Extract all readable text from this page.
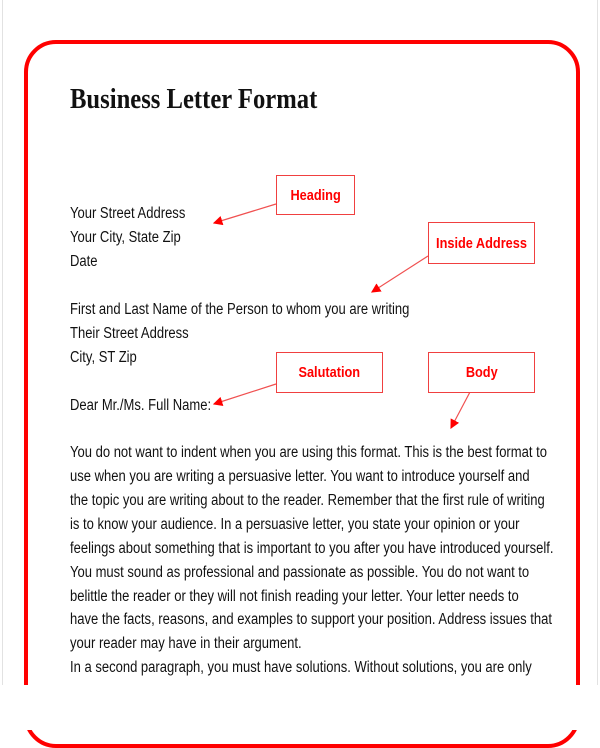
Business Letter Format
Your Street Address
Your City, State Zip
Date
First and Last Name of the Person to whom you are writing
Their Street Address
City, ST Zip
Dear Mr./Ms. Full Name:
You do not want to indent when you are using this format. This is the best format to
use when you are writing a persuasive letter. You want to introduce yourself and
the topic you are writing about to the reader. Remember that the first rule of writing
is to know your audience. In a persuasive letter, you state your opinion or your
feelings about something that is important to you after you have introduced yourself.
You must sound as professional and passionate as possible. You do not want to
belittle the reader or they will not finish reading your letter. Your letter needs to
have the facts, reasons, and examples to support your position. Address issues that
your reader may have in their argument.
In a second paragraph, you must have solutions. Without solutions, you are only
Heading
Inside Address
Salutation	Body
